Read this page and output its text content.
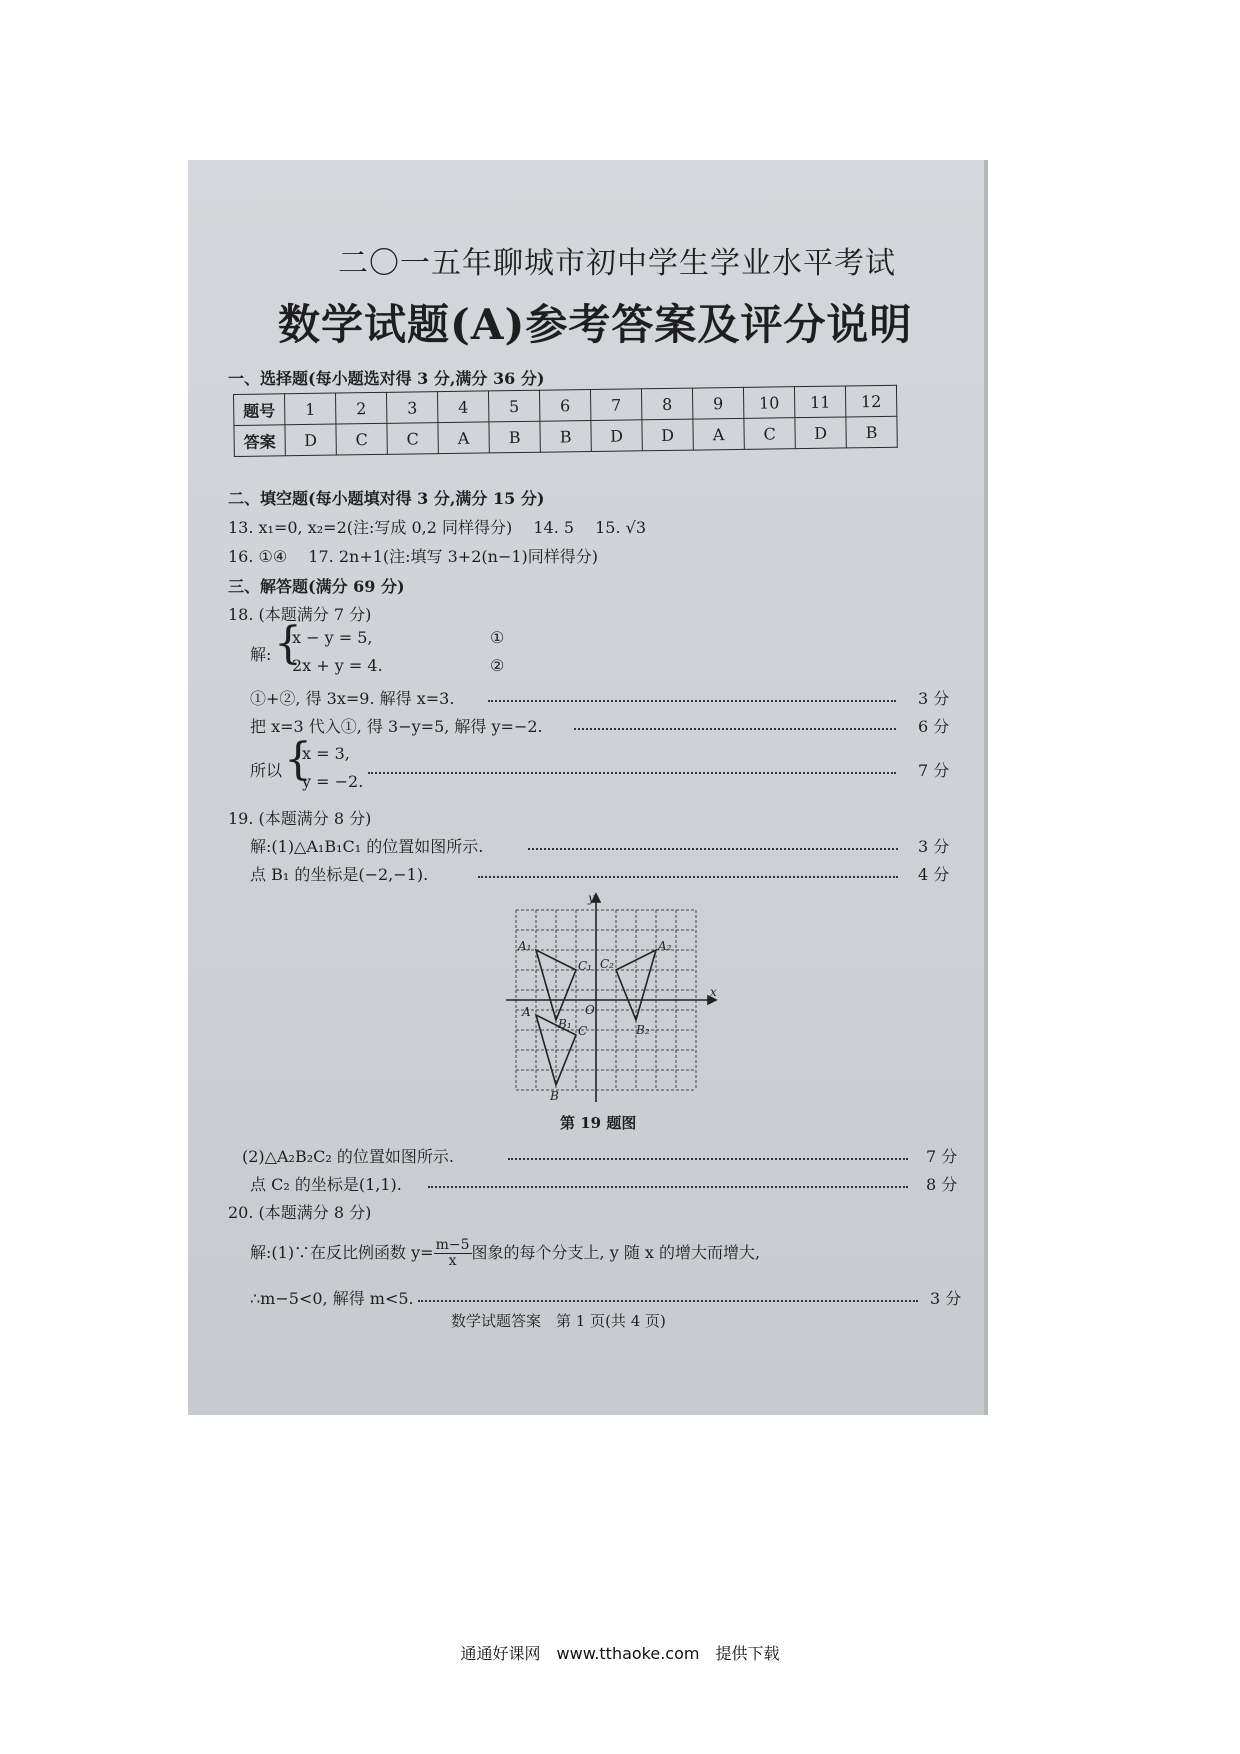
二〇一五年聊城市初中学生学业水平考试
数学试题(A)参考答案及评分说明
一、选择题(每小题选对得 3 分,满分 36 分)
题号	1	2	3	4	5	6	7	8	9	10	11	12
答案	D	C	C	A	B	B	D	D	A	C	D	B
二、填空题(每小题填对得 3 分,满分 15 分)
13. x₁=0, x₂=2(注:写成 0,2 同样得分)　 14. 5　 15. √3
16. ①④　 17. 2n+1(注:填写 3+2(n−1)同样得分)
三、解答题(满分 69 分)
18. (本题满分 7 分)
解: {
x − y = 5,
2x + y = 4.
①
②
①+②, 得 3x=9. 解得 x=3.	3 分
把 x=3 代入①, 得 3−y=5, 解得 y=−2.	6 分
所以 {
x = 3,
y = −2.
7 分
19. (本题满分 8 分)
解:(1)△A₁B₁C₁ 的位置如图所示.	3 分
点 B₁ 的坐标是(−2,−1).	4 分
y
x
O
A₁
B₁
C₁
A₂
B₂
C₂
A
B
C
第 19 题图
(2)△A₂B₂C₂ 的位置如图所示.	7 分
点 C₂ 的坐标是(1,1).	8 分
20. (本题满分 8 分)
解:(1)∵在反比例函数 $y= \frac{m-5}{x}$ 图象的每个分支上, y 随 x 的增大而增大,
∴m−5<0, 解得 m<5.	3 分
数学试题答案　第 1 页(共 4 页)
通通好课网　www.tthaoke.com　提供下载
